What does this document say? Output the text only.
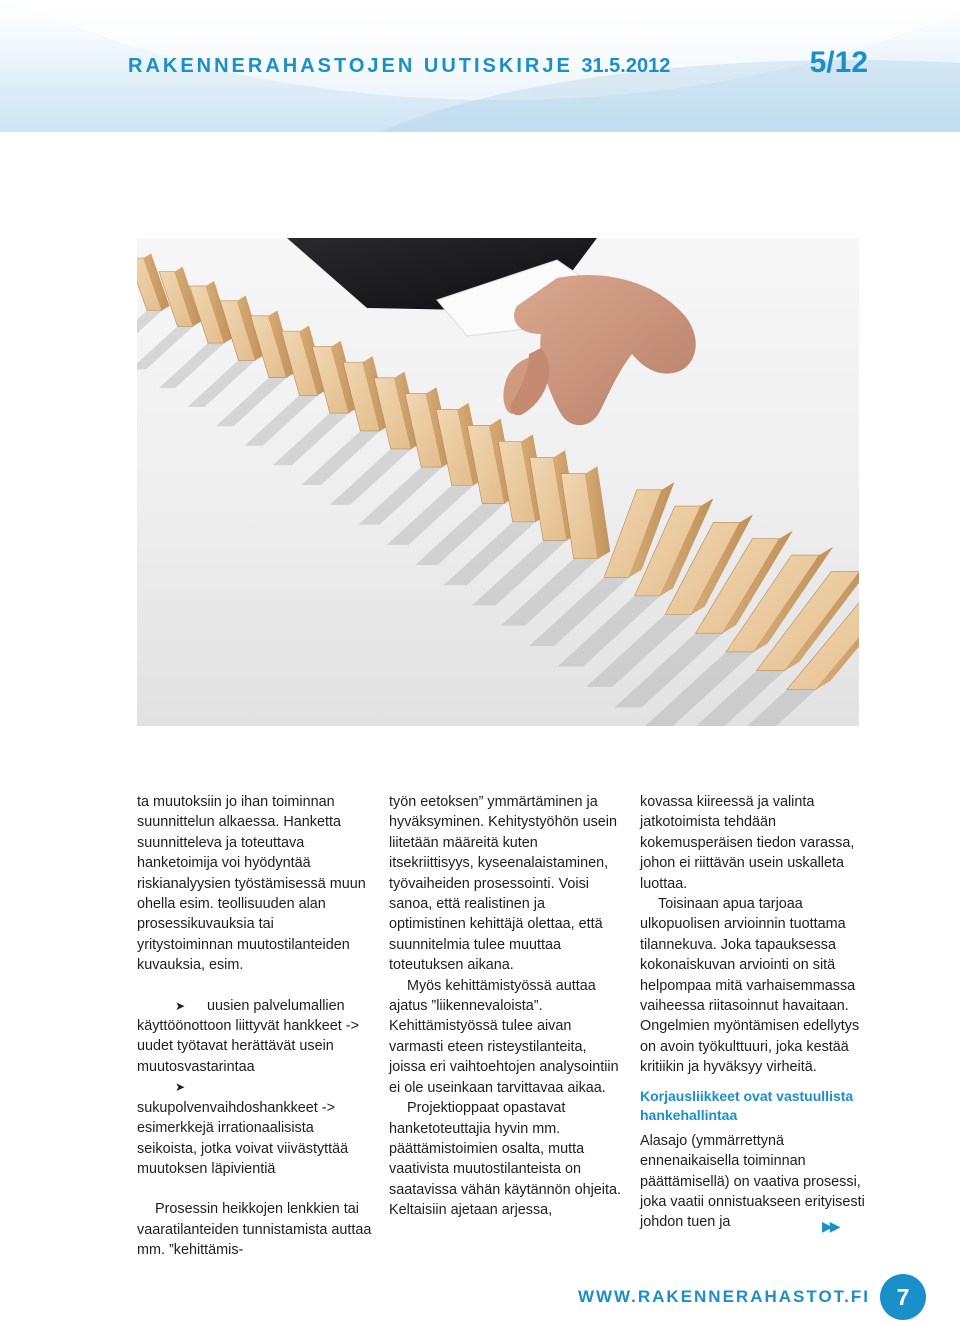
RAKENNERAHASTOJEN UUTISKIRJE 31.5.2012	5/12

ta muutoksiin jo ihan toiminnan suunnittelun alkaessa. Hanketta suunnitteleva ja toteuttava hanketoimija voi hyödyntää riskianalyysien työstämisessä muun ohella esim. teollisuuden alan prosessikuvauksia tai yritystoiminnan muutostilanteiden kuvauksia, esim.

➤ uusien palvelumallien käyttöönottoon liittyvät hankkeet -> uudet työtavat herättävät usein muutosvastarintaa

➤sukupolvenvaihdoshankkeet -> esimerkkejä irrationaalisista seikoista, jotka voivat viivästyttää muutoksen läpivientiä

Prosessin heikkojen lenkkien tai vaaratilanteiden tunnistamista auttaa mm. ”kehittämis-

työn eetoksen” ymmärtäminen ja hyväksyminen. Kehitystyöhön usein liitetään määreitä kuten itsekriittisyys, kyseenalaistaminen, työvaiheiden prosessointi. Voisi sanoa, että realistinen ja optimistinen kehittäjä olettaa, että suunnitelmia tulee muuttaa toteutuksen aikana.

Myös kehittämistyössä auttaa ajatus ”liikennevaloista”. Kehittämistyössä tulee aivan varmasti eteen risteystilanteita, joissa eri vaihtoehtojen analysointiin ei ole useinkaan tarvittavaa aikaa.

Projektioppaat opastavat hanketoteuttajia hyvin mm. päättämistoimien osalta, mutta vaativista muutostilanteista on saatavissa vähän käytännön ohjeita. Keltaisiin ajetaan arjessa,

kovassa kiireessä ja valinta jatkotoimista tehdään kokemusperäisen tiedon varassa, johon ei riittävän usein uskalleta luottaa.

Toisinaan apua tarjoaa ulkopuolisen arvioinnin tuottama tilannekuva. Joka tapauksessa kokonaiskuvan arviointi on sitä helpompaa mitä varhaisemmassa vaiheessa riitasoinnut havaitaan. Ongelmien myöntämisen edellytys on avoin työkulttuuri, joka kestää kritiikin ja hyväksyy virheitä.

Korjausliikkeet ovat vastuullista hankehallintaa

Alasajo (ymmärrettynä ennenaikaisella toiminnan päättämisellä) on vaativa prosessi, joka vaatii onnistuakseen erityisesti johdon tuen ja	▶▶
WWW.RAKENNERAHASTOT.FI	7
